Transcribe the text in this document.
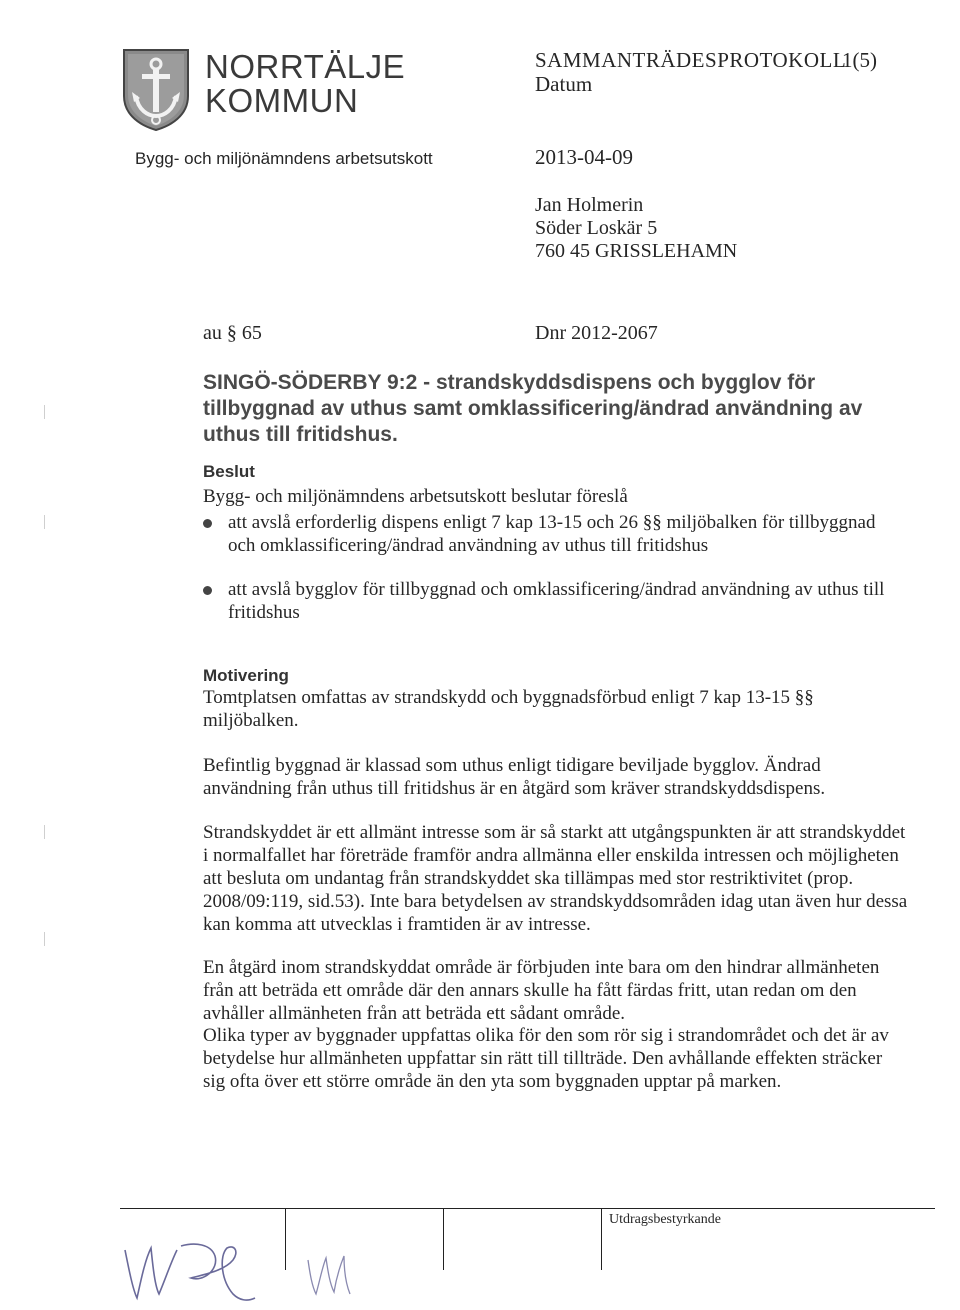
NORRTÄLJE
KOMMUN
SAMMANTRÄDESPROTOKOLL
1(5)
Datum
Bygg- och miljönämndens arbetsutskott	2013-04-09
Jan Holmerin
Söder Loskär 5
760 45 GRISSLEHAMN
au § 65	Dnr 2012-2067
SINGÖ-SÖDERBY 9:2 - strandskyddsdispens och bygglov för tillbyggnad av uthus samt omklassificering/ändrad användning av uthus till fritidshus.
Beslut
Bygg- och miljönämndens arbetsutskott beslutar föreslå
att avslå erforderlig dispens enligt 7 kap 13-15 och 26 §§ miljöbalken för tillbyggnad och omklassificering/ändrad användning av uthus till fritidshus
att avslå bygglov för tillbyggnad och omklassificering/ändrad användning av uthus till fritidshus
Motivering
Tomtplatsen omfattas av strandskydd och byggnadsförbud enligt 7 kap 13-15 §§ miljöbalken.
Befintlig byggnad är klassad som uthus enligt tidigare beviljade bygglov. Ändrad användning från uthus till fritidshus är en åtgärd som kräver strandskyddsdispens.
Strandskyddet är ett allmänt intresse som är så starkt att utgångspunkten är att strandskyddet i normalfallet har företräde framför andra allmänna eller enskilda intressen och möjligheten att besluta om undantag från strandskyddet ska tillämpas med stor restriktivitet (prop. 2008/09:119, sid.53). Inte bara betydelsen av strandskyddsområden idag utan även hur dessa kan komma att utvecklas i framtiden är av intresse.
En åtgärd inom strandskyddat område är förbjuden inte bara om den hindrar allmänheten från att beträda ett område där den annars skulle ha fått färdas fritt, utan redan om den avhåller allmänheten från att beträda ett sådant område.
Olika typer av byggnader uppfattas olika för den som rör sig i strandområdet och det är av betydelse hur allmänheten uppfattar sin rätt till tillträde. Den avhållande effekten sträcker sig ofta över ett större område än den yta som byggnaden upptar på marken.
Utdragsbestyrkande
